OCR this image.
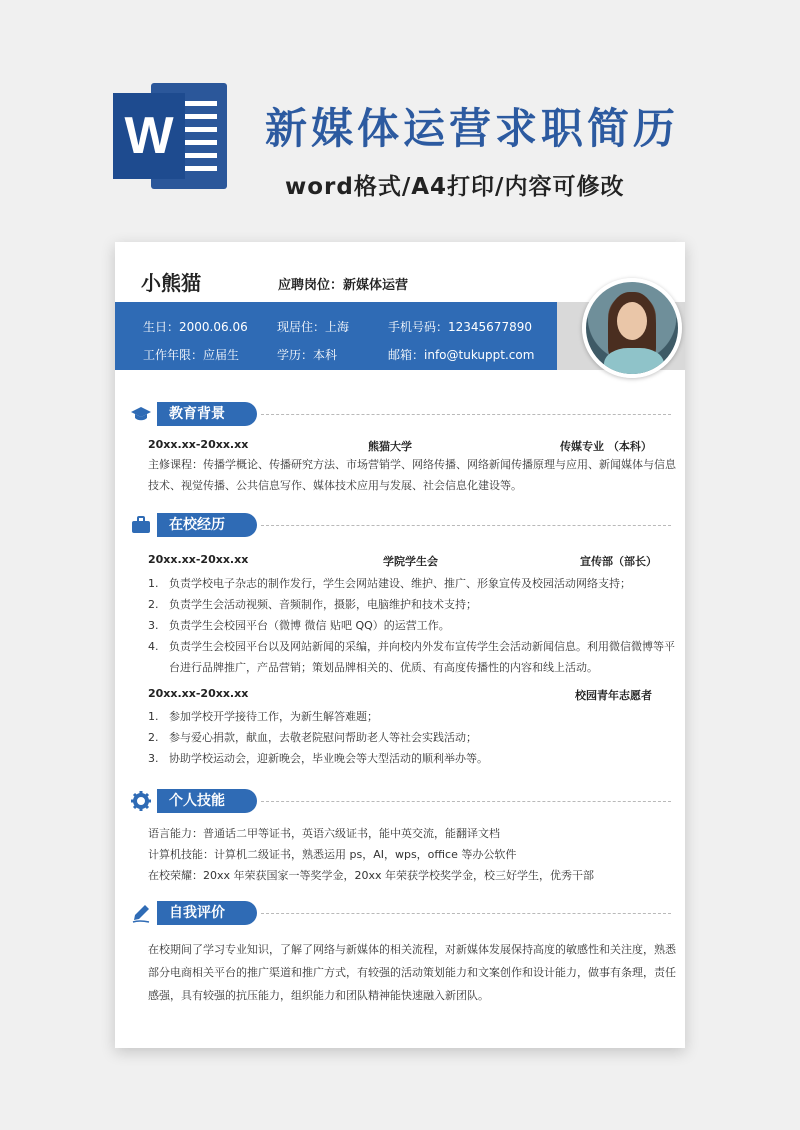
W 新媒体运营求职简历
word格式/A4打印/内容可修改
小熊猫	应聘岗位：新媒体运营
生日：2000.06.06 现居住：上海	手机号码：12345677890
工作年限：应届生	学历：本科	邮箱：info@tukuppt.com
教育背景
20xx.xx-20xx.xx	熊猫大学	传媒专业 （本科）
主修课程：传播学概论、传播研究方法、市场营销学、网络传播、网络新闻传播原理与应用、新闻媒体与信息
技术、视觉传播、公共信息写作、媒体技术应用与发展、社会信息化建设等。
在校经历
20xx.xx-20xx.xx	学院学生会	宣传部（部长）
1. 负责学校电子杂志的制作发行，学生会网站建设、维护、推广、形象宣传及校园活动网络支持；
2. 负责学生会活动视频、音频制作，摄影，电脑维护和技术支持；
3. 负责学生会校园平台（微博 微信 贴吧 QQ）的运营工作。
4. 负责学生会校园平台以及网站新闻的采编，并向校内外发布宣传学生会活动新闻信息。利用微信微博等平
台进行品牌推广，产品营销；策划品牌相关的、优质、有高度传播性的内容和线上活动。
20xx.xx-20xx.xx	校园青年志愿者
1. 参加学校开学接待工作，为新生解答难题；
2. 参与爱心捐款，献血，去敬老院慰问帮助老人等社会实践活动；
3. 协助学校运动会，迎新晚会，毕业晚会等大型活动的顺利举办等。
个人技能
语言能力：普通话二甲等证书，英语六级证书，能中英交流，能翻译文档
计算机技能：计算机二级证书，熟悉运用 ps，AI，wps，office 等办公软件
在校荣耀：20xx 年荣获国家一等奖学金，20xx 年荣获学校奖学金，校三好学生，优秀干部
自我评价
在校期间了学习专业知识，了解了网络与新媒体的相关流程，对新媒体发展保持高度的敏感性和关注度，熟悉
部分电商相关平台的推广渠道和推广方式，有较强的活动策划能力和文案创作和设计能力，做事有条理，责任
感强，具有较强的抗压能力，组织能力和团队精神能快速融入新团队。
